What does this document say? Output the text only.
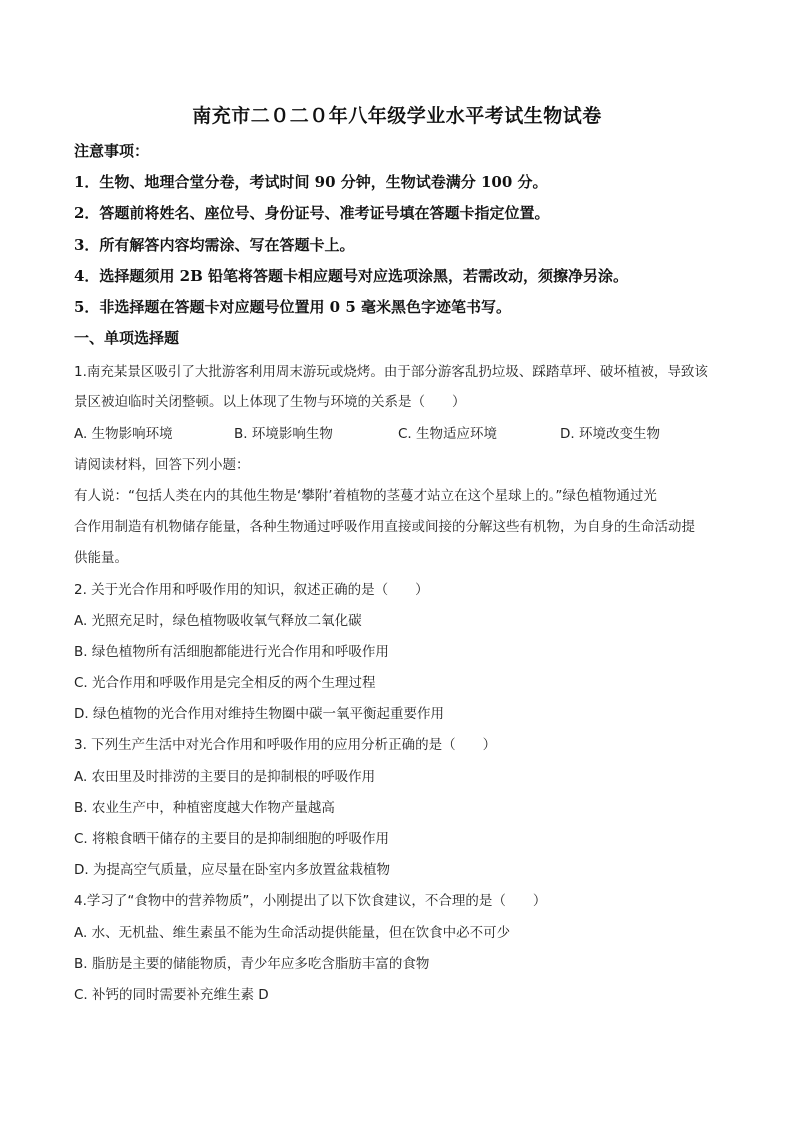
南充市二０二０年八年级学业水平考试生物试卷
注意事项：
1．生物、地理合堂分卷，考试时间 90 分钟，生物试卷满分 100 分。
2．答题前将姓名、座位号、身份证号、准考证号填在答题卡指定位置。
3．所有解答内容均需涂、写在答题卡上。
4．选择题须用 2B 铅笔将答题卡相应题号对应选项涂黑，若需改动，须擦净另涂。
5．非选择题在答题卡对应题号位置用 0 5 毫米黑色字迹笔书写。
一、单项选择题
1.南充某景区吸引了大批游客利用周末游玩或烧烤。由于部分游客乱扔垃圾、踩踏草坪、破坏植被，导致该
景区被迫临时关闭整顿。以上体现了生物与环境的关系是（　　）
A. 生物影响环境	B. 环境影响生物	C. 生物适应环境	D. 环境改变生物
请阅读材料，回答下列小题：
有人说：“包括人类在内的其他生物是‘攀附’着植物的茎蔓才站立在这个星球上的。”绿色植物通过光
合作用制造有机物储存能量，各种生物通过呼吸作用直接或间接的分解这些有机物，为自身的生命活动提
供能量。
2. 关于光合作用和呼吸作用的知识，叙述正确的是（　　）
A. 光照充足时，绿色植物吸收氧气释放二氧化碳
B. 绿色植物所有活细胞都能进行光合作用和呼吸作用
C. 光合作用和呼吸作用是完全相反的两个生理过程
D. 绿色植物的光合作用对维持生物圈中碳一氧平衡起重要作用
3. 下列生产生活中对光合作用和呼吸作用的应用分析正确的是（　　）
A. 农田里及时排涝的主要目的是抑制根的呼吸作用
B. 农业生产中，种植密度越大作物产量越高
C. 将粮食晒干储存的主要目的是抑制细胞的呼吸作用
D. 为提高空气质量，应尽量在卧室内多放置盆栽植物
4.学习了“食物中的营养物质”，小刚提出了以下饮食建议，不合理的是（　　）
A. 水、无机盐、维生素虽不能为生命活动提供能量，但在饮食中必不可少
B. 脂肪是主要的储能物质，青少年应多吃含脂肪丰富的食物
C. 补钙的同时需要补充维生素 D
